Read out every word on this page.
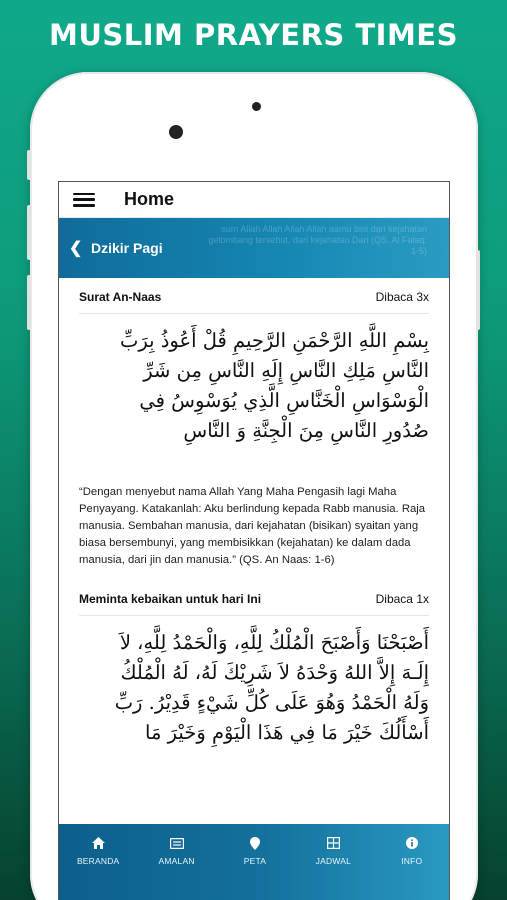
MUSLIM PRAYERS TIMES
Home
❮ Dzikir Pagi
sum Allah Allah Allah Allah aamu bini dari kejahatan gelombang tersebut, dari kejahatan Dari (QS. Al Falaq: 1-5)
Surat An-Naas	Dibaca 3x
بِسْمِ اللَّهِ الرَّحْمَنِ الرَّحِيمِ قُلْ أَعُوذُ بِرَبِّ
النَّاسِ مَلِكِ النَّاسِ إِلَهِ النَّاسِ مِن شَرِّ
الْوَسْوَاسِ الْخَنَّاسِ الَّذِي يُوَسْوِسُ فِي
صُدُورِ النَّاسِ مِنَ الْجِنَّةِ وَ النَّاسِ
“Dengan menyebut nama Allah Yang Maha Pengasih lagi Maha Penyayang. Katakanlah: Aku berlindung kepada Rabb manusia. Raja manusia. Sembahan manusia, dari kejahatan (bisikan) syaitan yang biasa bersembunyi, yang membisikkan (kejahatan) ke dalam dada manusia, dari jin dan manusia.” (QS. An Naas: 1-6)
Meminta kebaikan untuk hari Ini	Dibaca 1x
أَصْبَحْنَا وَأَصْبَحَ الْمُلْكُ لِلَّهِ، وَالْحَمْدُ لِلَّهِ، لاَ
إِلَـهَ إِلاَّ اللهُ وَحْدَهُ لاَ شَرِيْكَ لَهُ، لَهُ الْمُلْكُ
وَلَهُ الْحَمْدُ وَهُوَ عَلَى كُلِّ شَيْءٍ قَدِيْرُ. رَبِّ
أَسْأَلُكَ خَيْرَ مَا فِي هَذَا الْيَوْمِ وَخَيْرَ مَا
BERANDA	AMALAN	PETA	JADWAL	INFO
